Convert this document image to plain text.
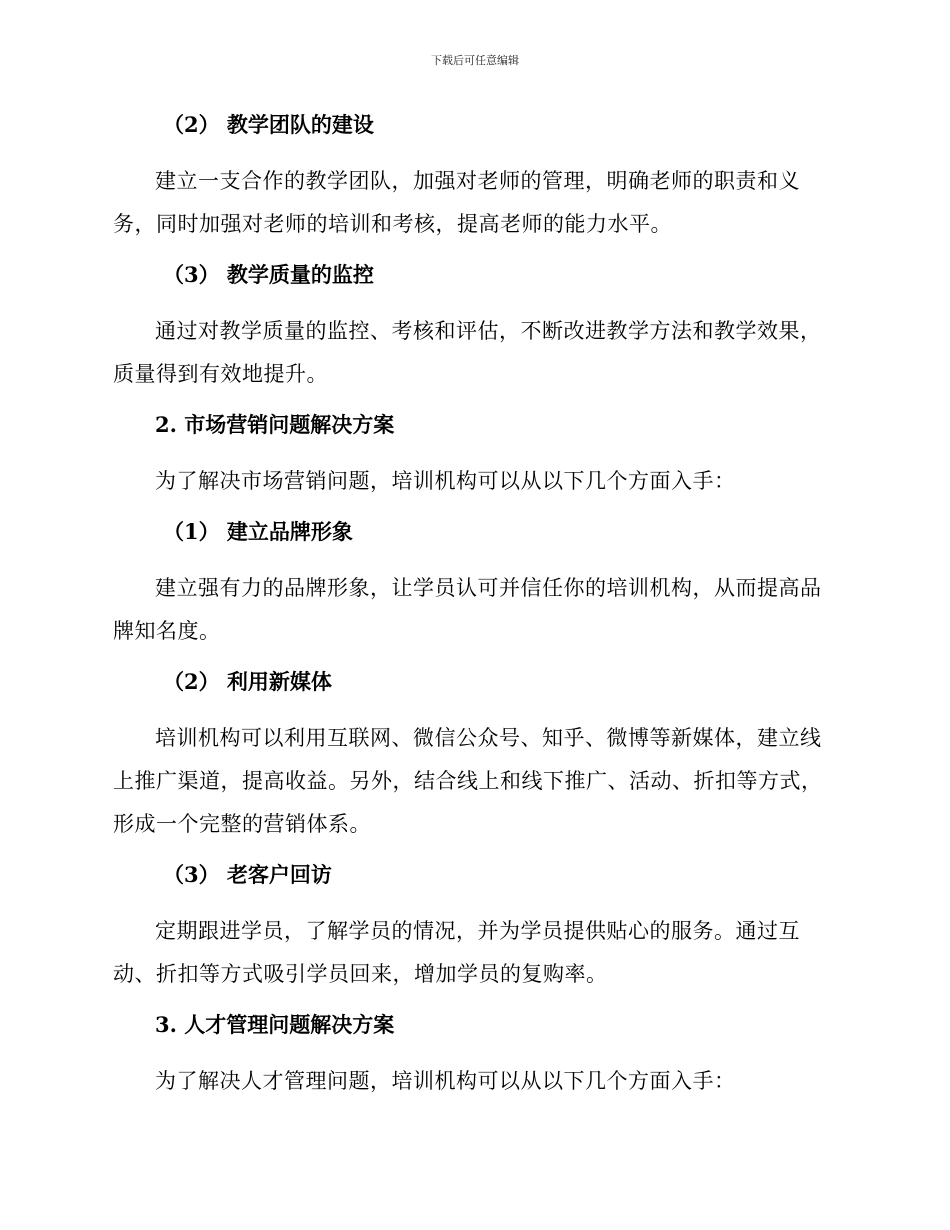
下载后可任意编辑
（2） 教学团队的建设
建立一支合作的教学团队，加强对老师的管理，明确老师的职责和义务，同时加强对老师的培训和考核，提高老师的能力水平。
（3） 教学质量的监控
通过对教学质量的监控、考核和评估，不断改进教学方法和教学效果，质量得到有效地提升。
2. 市场营销问题解决方案
为了解决市场营销问题，培训机构可以从以下几个方面入手：
（1） 建立品牌形象
建立强有力的品牌形象，让学员认可并信任你的培训机构，从而提高品牌知名度。
（2） 利用新媒体
培训机构可以利用互联网、微信公众号、知乎、微博等新媒体，建立线上推广渠道，提高收益。另外，结合线上和线下推广、活动、折扣等方式，形成一个完整的营销体系。
（3） 老客户回访
定期跟进学员，了解学员的情况，并为学员提供贴心的服务。通过互动、折扣等方式吸引学员回来，增加学员的复购率。
3. 人才管理问题解决方案
为了解决人才管理问题，培训机构可以从以下几个方面入手：
